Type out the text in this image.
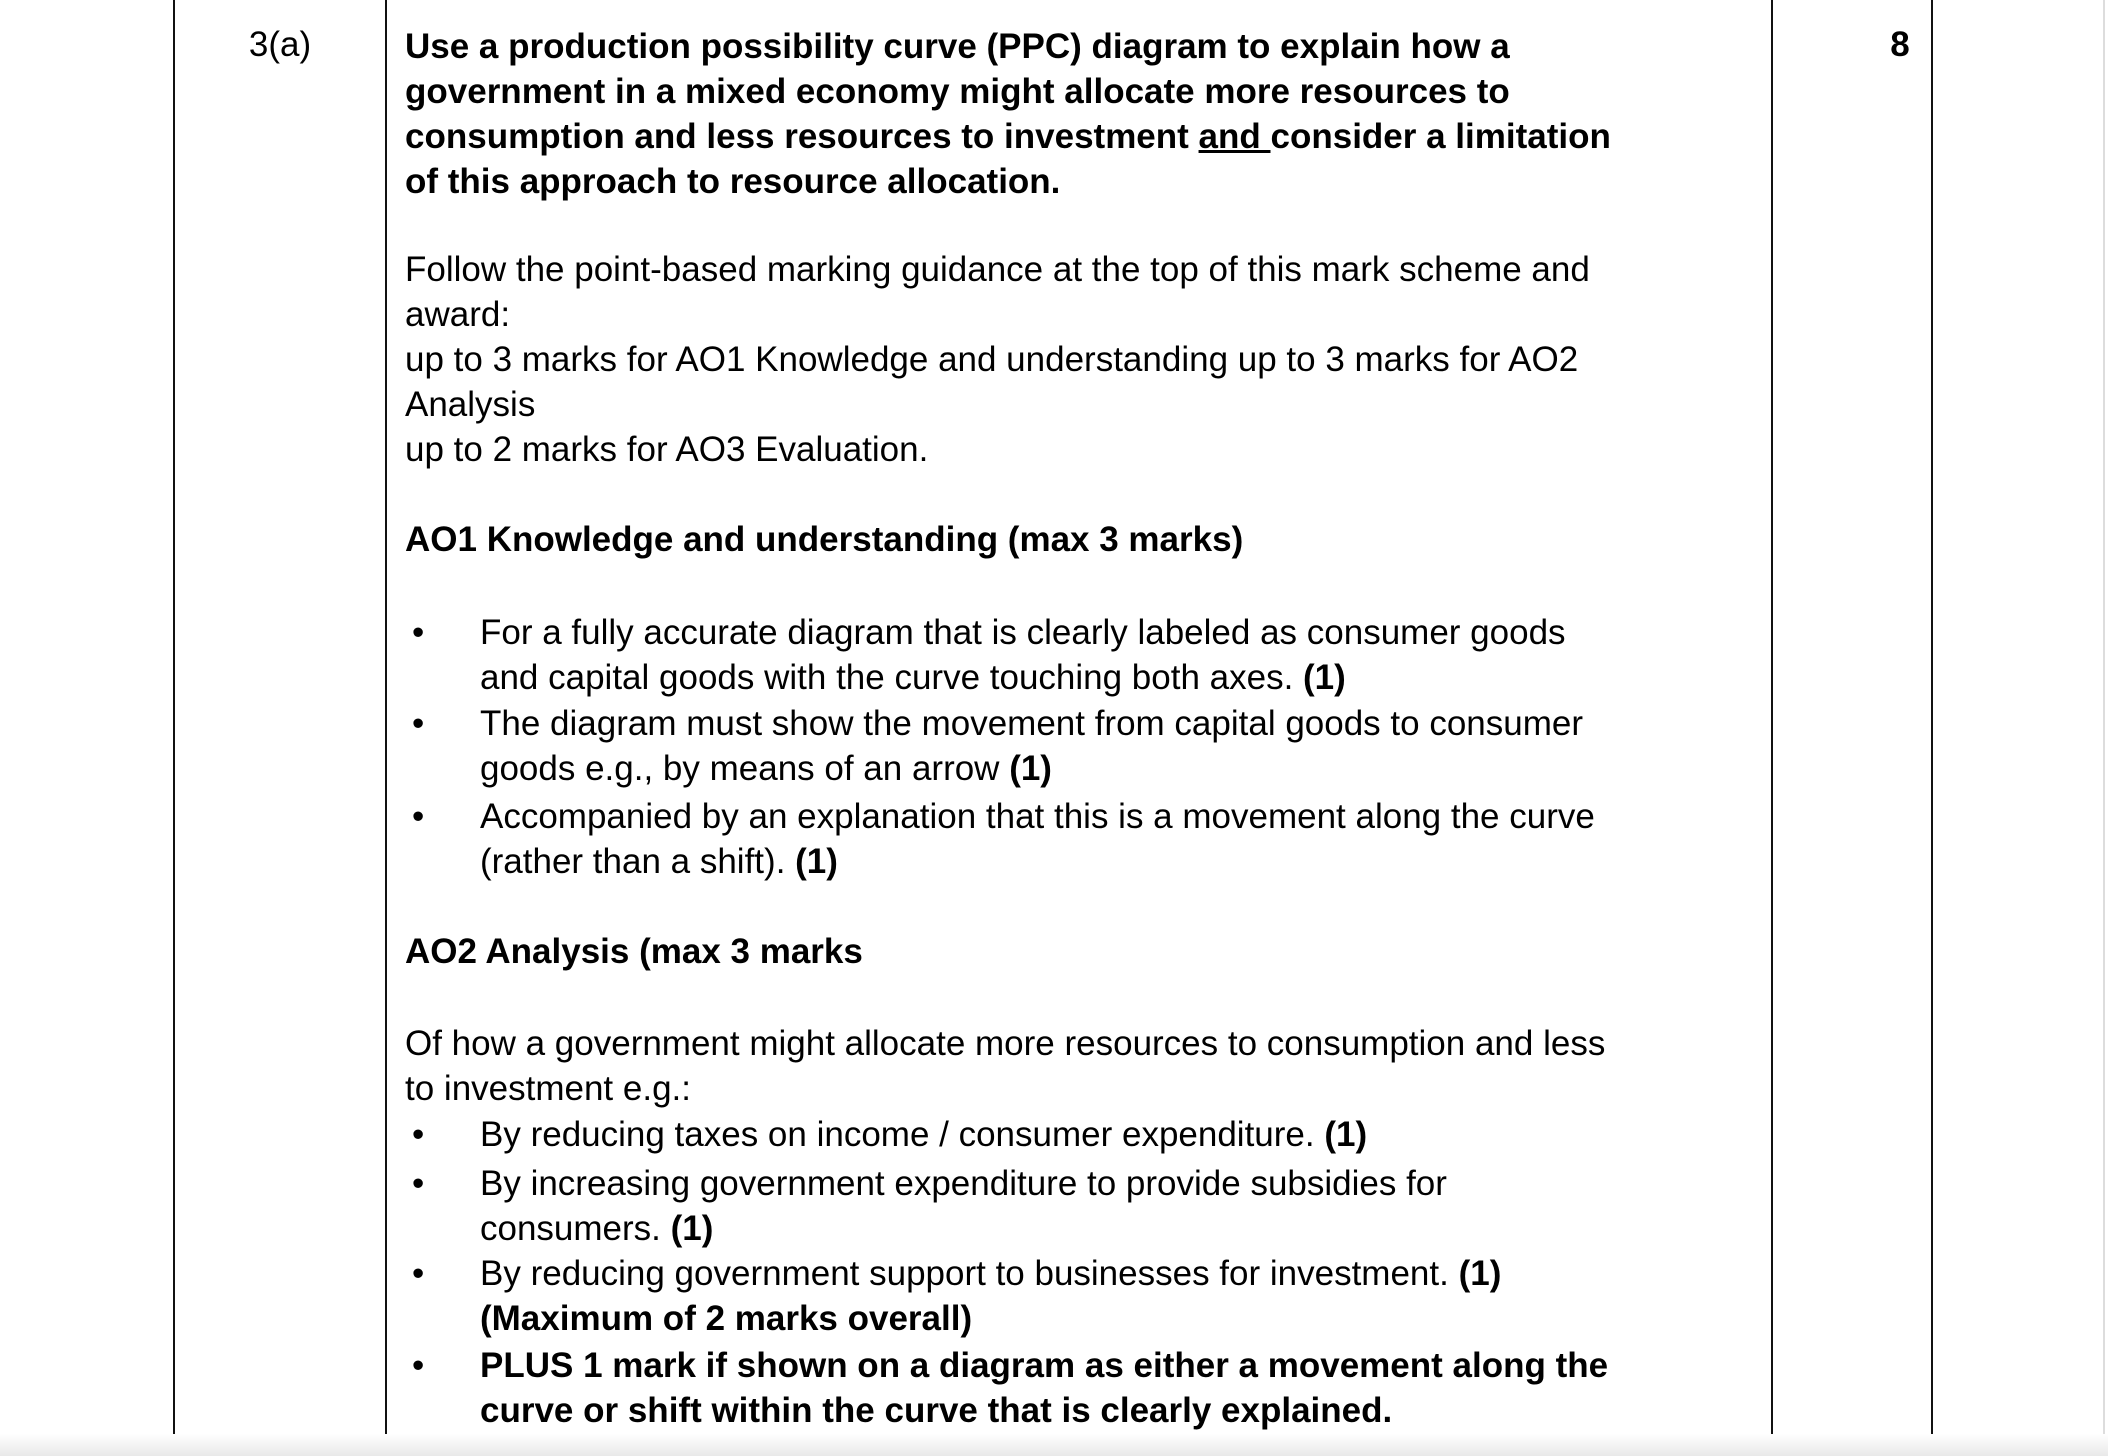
3(a)	8
Use a production possibility curve (PPC) diagram to explain how a
government in a mixed economy might allocate more resources to
consumption and less resources to investment and consider a limitation
of this approach to resource allocation.
Follow the point-based marking guidance at the top of this mark scheme and
award:
up to 3 marks for AO1 Knowledge and understanding up to 3 marks for AO2
Analysis
up to 2 marks for AO3 Evaluation.
AO1 Knowledge and understanding (max 3 marks)
• For a fully accurate diagram that is clearly labeled as consumer goods
and capital goods with the curve touching both axes. (1)
• The diagram must show the movement from capital goods to consumer
goods e.g., by means of an arrow (1)
• Accompanied by an explanation that this is a movement along the curve
(rather than a shift). (1)
AO2 Analysis (max 3 marks
Of how a government might allocate more resources to consumption and less
to investment e.g.:
• By reducing taxes on income / consumer expenditure. (1)
• By increasing government expenditure to provide subsidies for
consumers. (1)
• By reducing government support to businesses for investment. (1)
(Maximum of 2 marks overall)
• PLUS 1 mark if shown on a diagram as either a movement along the
curve or shift within the curve that is clearly explained.
